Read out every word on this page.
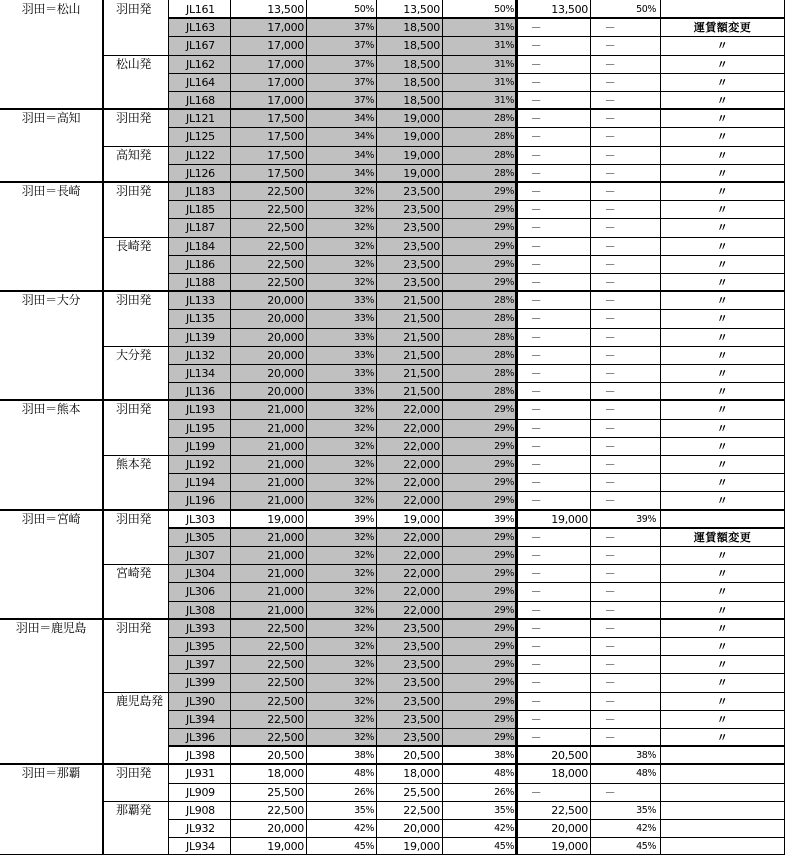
羽田＝松山	羽田発	JL161	13,500	50%	13,500	50%	13,500	50%
JL163	17,000	37%	18,500	31%	－	－	運賃額変更
JL167	17,000	37%	18,500	31%	－	－	〃
松山発	JL162	17,000	37%	18,500	31%	－	－	〃
JL164	17,000	37%	18,500	31%	－	－	〃
JL168	17,000	37%	18,500	31%	－	－	〃
羽田＝高知	羽田発	JL121	17,500	34%	19,000	28%	－	－	〃
JL125	17,500	34%	19,000	28%	－	－	〃
高知発	JL122	17,500	34%	19,000	28%	－	－	〃
JL126	17,500	34%	19,000	28%	－	－	〃
羽田＝長崎	羽田発	JL183	22,500	32%	23,500	29%	－	－	〃
JL185	22,500	32%	23,500	29%	－	－	〃
JL187	22,500	32%	23,500	29%	－	－	〃
長崎発	JL184	22,500	32%	23,500	29%	－	－	〃
JL186	22,500	32%	23,500	29%	－	－	〃
JL188	22,500	32%	23,500	29%	－	－	〃
羽田＝大分	羽田発	JL133	20,000	33%	21,500	28%	－	－	〃
JL135	20,000	33%	21,500	28%	－	－	〃
JL139	20,000	33%	21,500	28%	－	－	〃
大分発	JL132	20,000	33%	21,500	28%	－	－	〃
JL134	20,000	33%	21,500	28%	－	－	〃
JL136	20,000	33%	21,500	28%	－	－	〃
羽田＝熊本	羽田発	JL193	21,000	32%	22,000	29%	－	－	〃
JL195	21,000	32%	22,000	29%	－	－	〃
JL199	21,000	32%	22,000	29%	－	－	〃
熊本発	JL192	21,000	32%	22,000	29%	－	－	〃
JL194	21,000	32%	22,000	29%	－	－	〃
JL196	21,000	32%	22,000	29%	－	－	〃
羽田＝宮崎	羽田発	JL303	19,000	39%	19,000	39%	19,000	39%
JL305	21,000	32%	22,000	29%	－	－	運賃額変更
JL307	21,000	32%	22,000	29%	－	－	〃
宮崎発	JL304	21,000	32%	22,000	29%	－	－	〃
JL306	21,000	32%	22,000	29%	－	－	〃
JL308	21,000	32%	22,000	29%	－	－	〃
羽田＝鹿児島	羽田発	JL393	22,500	32%	23,500	29%	－	－	〃
JL395	22,500	32%	23,500	29%	－	－	〃
JL397	22,500	32%	23,500	29%	－	－	〃
JL399	22,500	32%	23,500	29%	－	－	〃
鹿児島発	JL390	22,500	32%	23,500	29%	－	－	〃
JL394	22,500	32%	23,500	29%	－	－	〃
JL396	22,500	32%	23,500	29%	－	－	〃
JL398	20,500	38%	20,500	38%	20,500	38%
羽田＝那覇	羽田発	JL931	18,000	48%	18,000	48%	18,000	48%
JL909	25,500	26%	25,500	26%	－	－
那覇発	JL908	22,500	35%	22,500	35%	22,500	35%
JL932	20,000	42%	20,000	42%	20,000	42%
JL934	19,000	45%	19,000	45%	19,000	45%
